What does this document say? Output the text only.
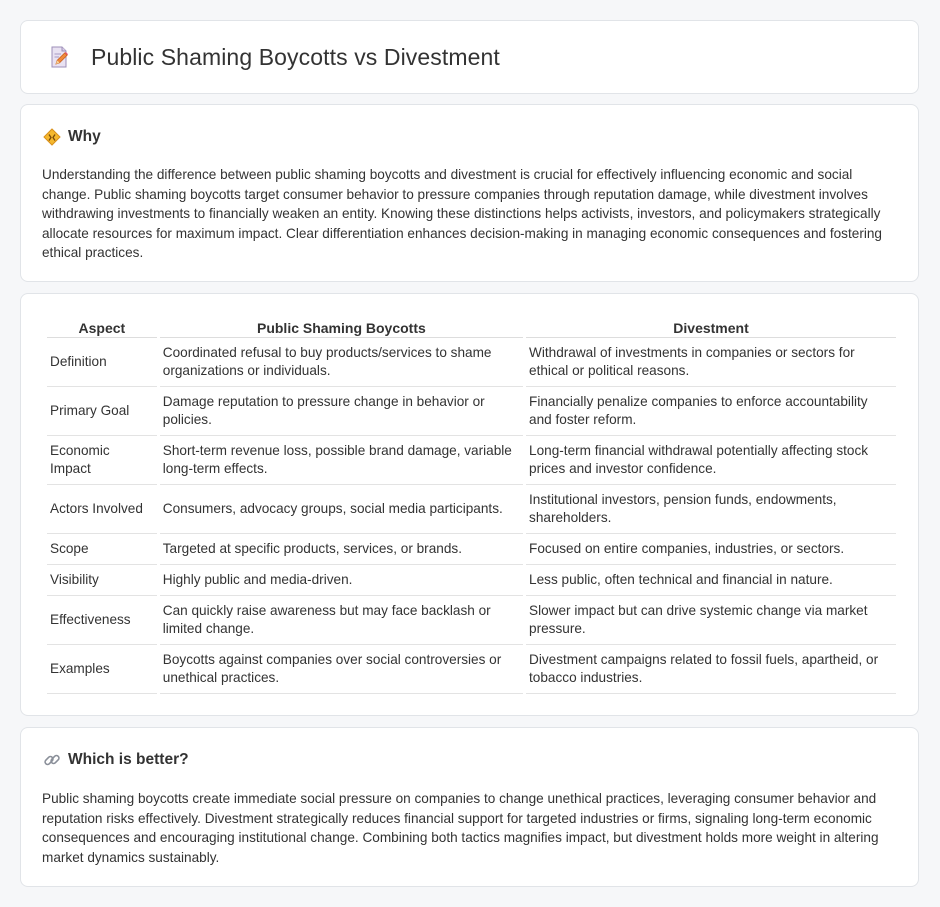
Public Shaming Boycotts vs Divestment
Why

Understanding the difference between public shaming boycotts and divestment is crucial for effectively influencing economic and social change. Public shaming boycotts target consumer behavior to pressure companies through reputation damage, while divestment involves withdrawing investments to financially weaken an entity. Knowing these distinctions helps activists, investors, and policymakers strategically allocate resources for maximum impact. Clear differentiation enhances decision-making in managing economic consequences and fostering ethical practices.

Aspect	Public Shaming Boycotts	Divestment
Definition	Coordinated refusal to buy products/services to shame organizations or individuals.	Withdrawal of investments in companies or sectors for ethical or political reasons.
Primary Goal	Damage reputation to pressure change in behavior or policies.	Financially penalize companies to enforce accountability and foster reform.
Economic Impact	Short-term revenue loss, possible brand damage, variable long-term effects.	Long-term financial withdrawal potentially affecting stock prices and investor confidence.
Actors Involved	Consumers, advocacy groups, social media participants.	Institutional investors, pension funds, endowments, shareholders.
Scope	Targeted at specific products, services, or brands.	Focused on entire companies, industries, or sectors.
Visibility	Highly public and media-driven.	Less public, often technical and financial in nature.
Effectiveness	Can quickly raise awareness but may face backlash or limited change.	Slower impact but can drive systemic change via market pressure.
Examples	Boycotts against companies over social controversies or unethical practices.	Divestment campaigns related to fossil fuels, apartheid, or tobacco industries.
Which is better?

Public shaming boycotts create immediate social pressure on companies to change unethical practices, leveraging consumer behavior and reputation risks effectively. Divestment strategically reduces financial support for targeted industries or firms, signaling long-term economic consequences and encouraging institutional change. Combining both tactics magnifies impact, but divestment holds more weight in altering market dynamics sustainably.
